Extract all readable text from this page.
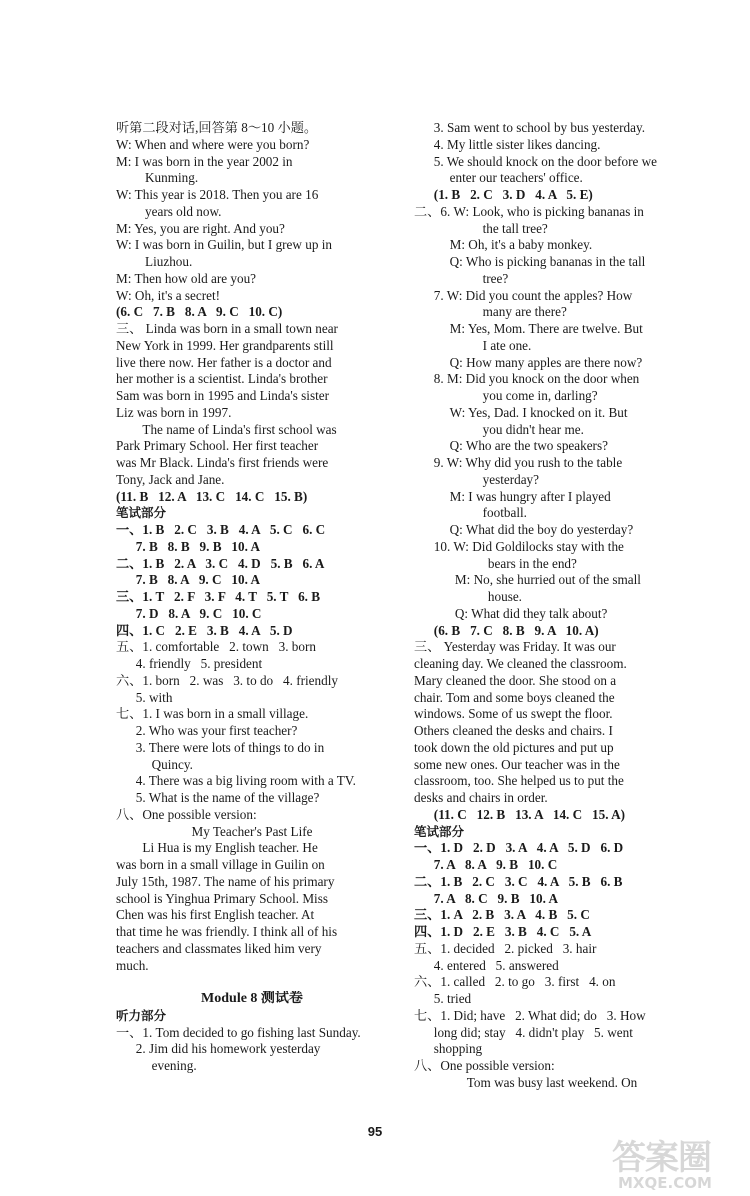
听第二段对话,回答第 8～10 小题。
W: When and where were you born?
M: I was born in the year 2002 in
Kunming.
W: This year is 2018. Then you are 16
years old now.
M: Yes, you are right. And you?
W: I was born in Guilin, but I grew up in
Liuzhou.
M: Then how old are you?
W: Oh, it's a secret!
(6. C   7. B   8. A   9. C   10. C)
三、 Linda was born in a small town near
New York in 1999. Her grandparents still
live there now. Her father is a doctor and
her mother is a scientist. Linda's brother
Sam was born in 1995 and Linda's sister
Liz was born in 1997.
The name of Linda's first school was
Park Primary School. Her first teacher
was Mr Black. Linda's first friends were
Tony, Jack and Jane.
(11. B   12. A   13. C   14. C   15. B)
笔试部分
一、1. B   2. C   3. B   4. A   5. C   6. C
7. B   8. B   9. B   10. A
二、1. B   2. A   3. C   4. D   5. B   6. A
7. B   8. A   9. C   10. A
三、1. T   2. F   3. F   4. T   5. T   6. B
7. D   8. A   9. C   10. C
四、1. C   2. E   3. B   4. A   5. D
五、1. comfortable   2. town   3. born
4. friendly   5. president
六、1. born   2. was   3. to do   4. friendly
5. with
七、1. I was born in a small village.
2. Who was your first teacher?
3. There were lots of things to do in
Quincy.
4. There was a big living room with a TV.
5. What is the name of the village?
八、One possible version:
My Teacher's Past Life
Li Hua is my English teacher. He
was born in a small village in Guilin on
July 15th, 1987. The name of his primary
school is Yinghua Primary School. Miss
Chen was his first English teacher. At
that time he was friendly. I think all of his
teachers and classmates liked him very
much.

Module 8 测试卷
听力部分
一、1. Tom decided to go fishing last Sunday.
2. Jim did his homework yesterday
evening.
3. Sam went to school by bus yesterday.
4. My little sister likes dancing.
5. We should knock on the door before we
enter our teachers' office.
(1. B   2. C   3. D   4. A   5. E)
二、6. W: Look, who is picking bananas in
the tall tree?
M: Oh, it's a baby monkey.
Q: Who is picking bananas in the tall
tree?
7. W: Did you count the apples? How
many are there?
M: Yes, Mom. There are twelve. But
I ate one.
Q: How many apples are there now?
8. M: Did you knock on the door when
you come in, darling?
W: Yes, Dad. I knocked on it. But
you didn't hear me.
Q: Who are the two speakers?
9. W: Why did you rush to the table
yesterday?
M: I was hungry after I played
football.
Q: What did the boy do yesterday?
10. W: Did Goldilocks stay with the
bears in the end?
M: No, she hurried out of the small
house.
Q: What did they talk about?
(6. B   7. C   8. B   9. A   10. A)
三、 Yesterday was Friday. It was our
cleaning day. We cleaned the classroom.
Mary cleaned the door. She stood on a
chair. Tom and some boys cleaned the
windows. Some of us swept the floor.
Others cleaned the desks and chairs. I
took down the old pictures and put up
some new ones. Our teacher was in the
classroom, too. She helped us to put the
desks and chairs in order.
(11. C   12. B   13. A   14. C   15. A)
笔试部分
一、1. D   2. D   3. A   4. A   5. D   6. D
7. A   8. A   9. B   10. C
二、1. B   2. C   3. C   4. A   5. B   6. B
7. A   8. C   9. B   10. A
三、1. A   2. B   3. A   4. B   5. C
四、1. D   2. E   3. B   4. C   5. A
五、1. decided   2. picked   3. hair
4. entered   5. answered
六、1. called   2. to go   3. first   4. on
5. tried
七、1. Did; have   2. What did; do   3. How
long did; stay   4. didn't play   5. went
shopping
八、One possible version:
Tom was busy last weekend. On
95
答案圈
MXQE.COM
